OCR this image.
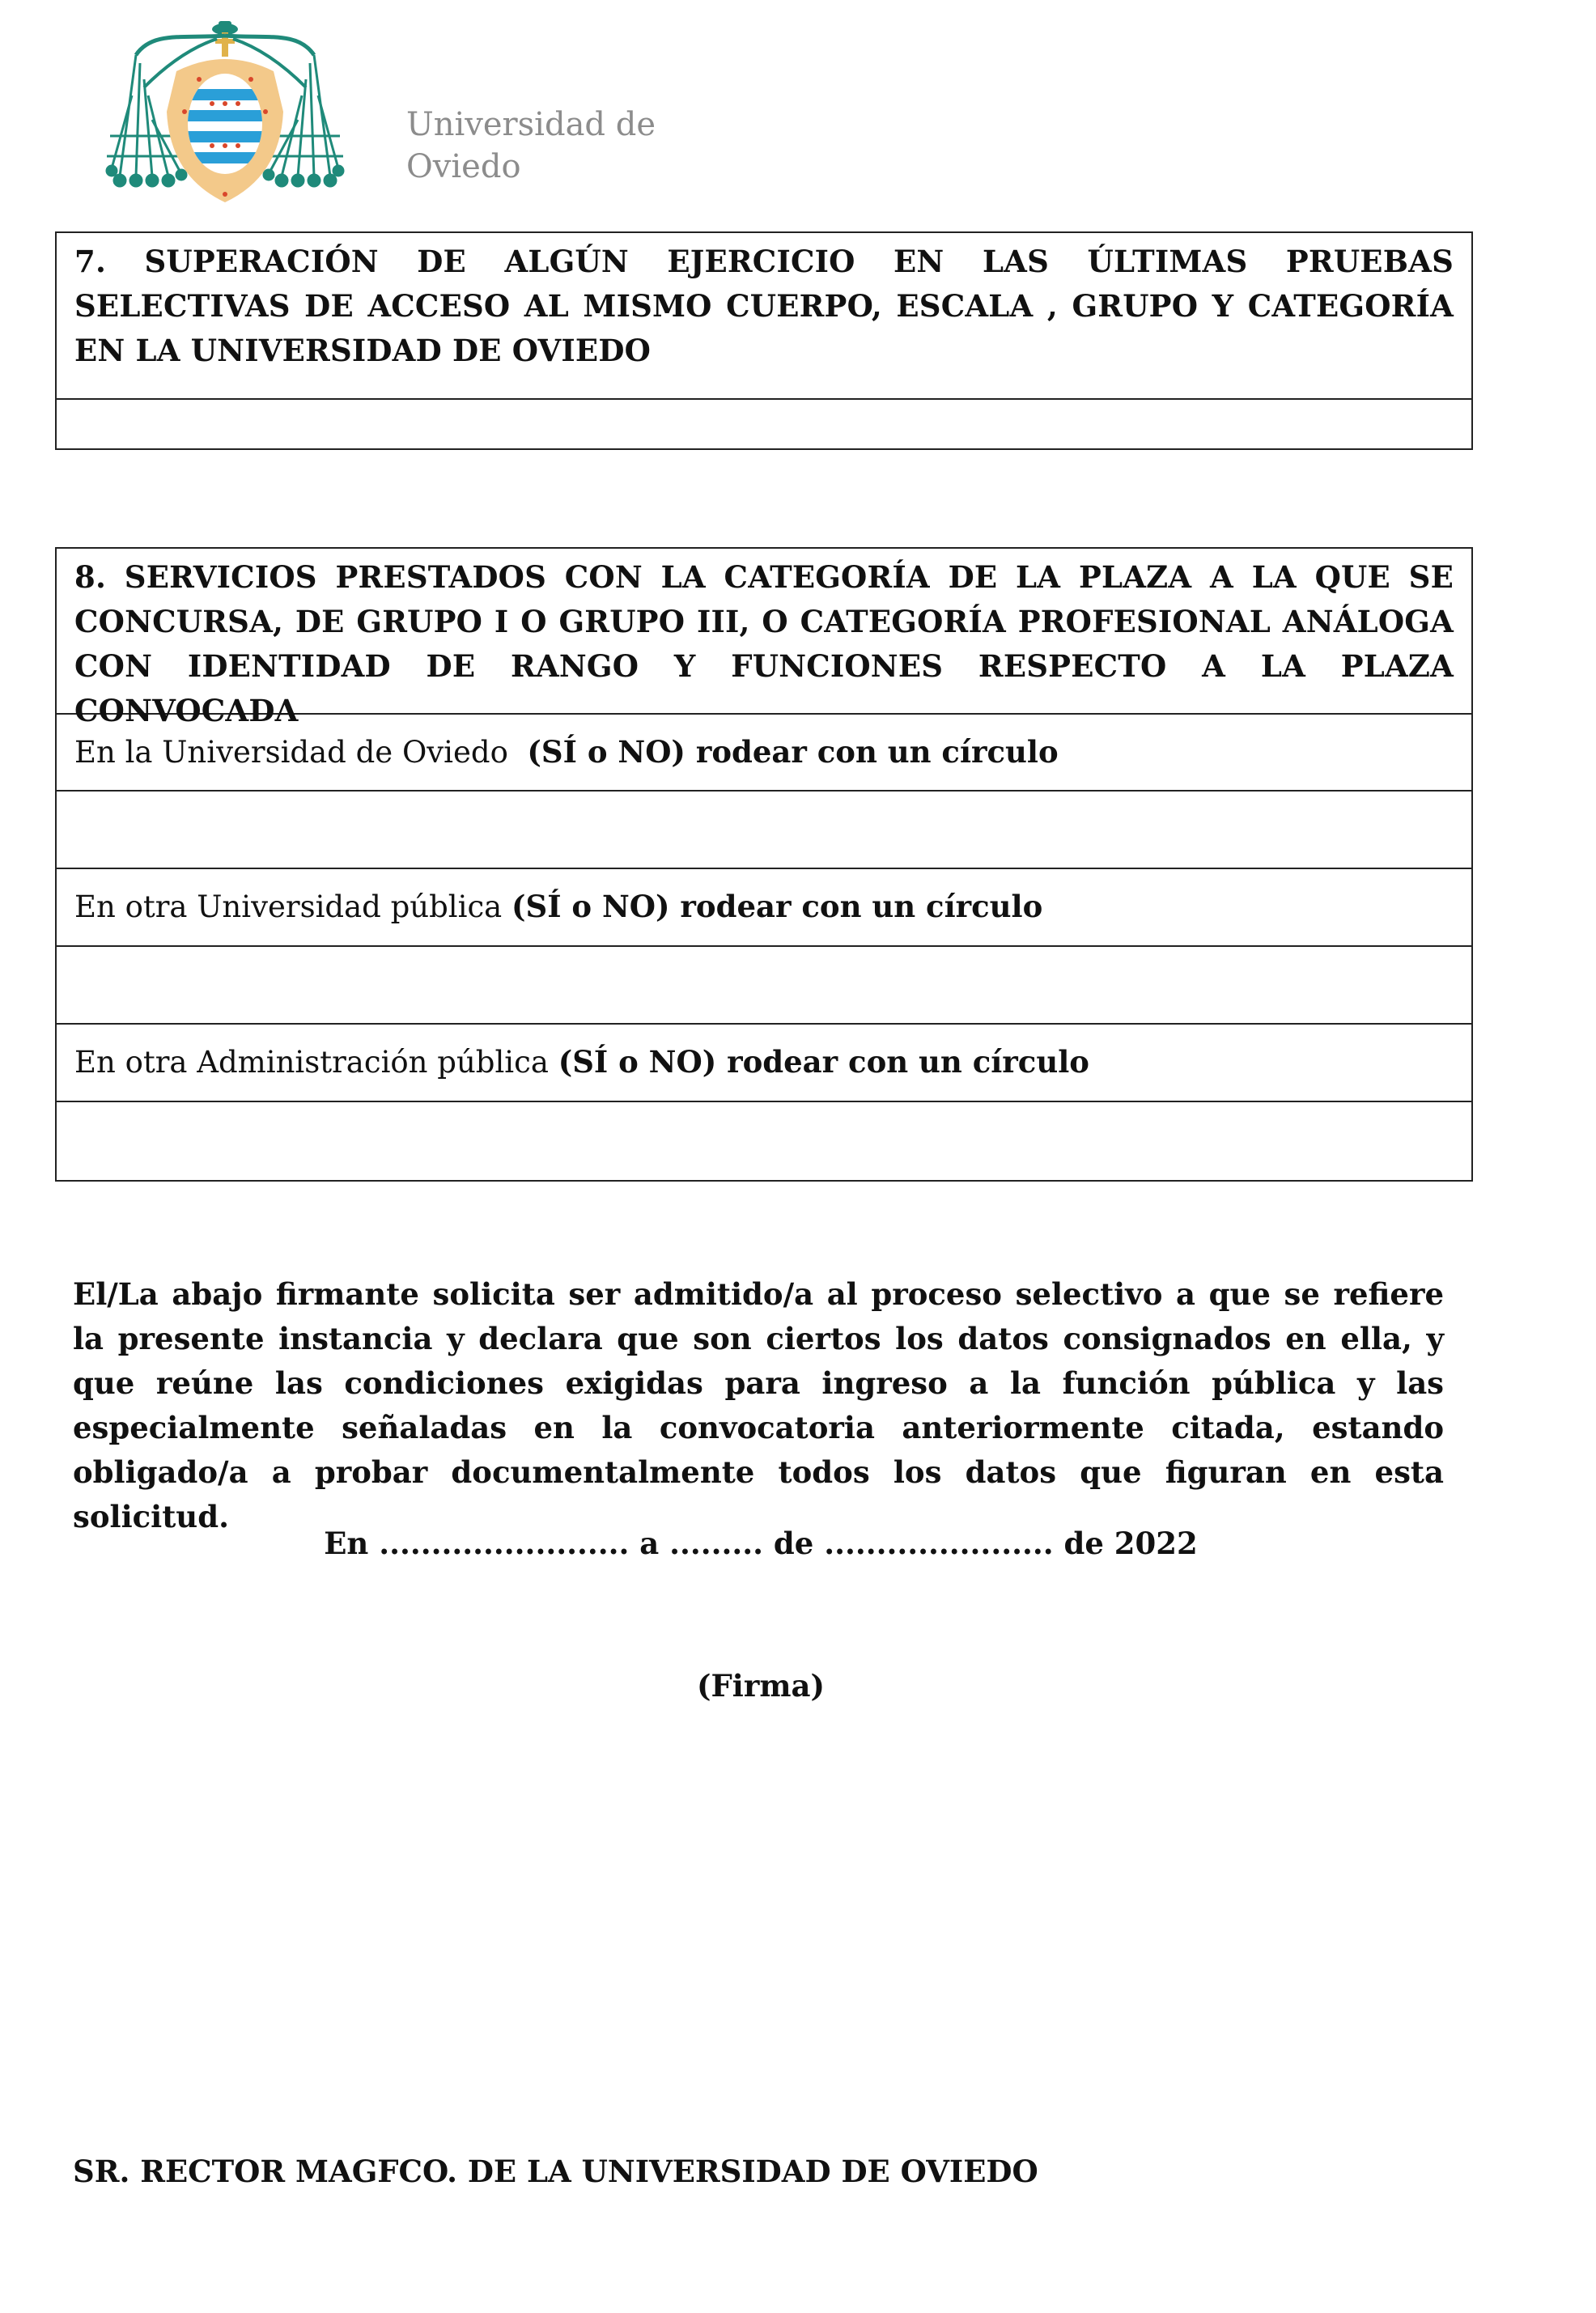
Universidad de
Oviedo
7. SUPERACIÓN DE ALGÚN EJERCICIO EN LAS ÚLTIMAS PRUEBAS SELECTIVAS DE ACCESO AL MISMO CUERPO, ESCALA , GRUPO Y CATEGORÍA EN LA UNIVERSIDAD DE OVIEDO
8. SERVICIOS PRESTADOS CON LA CATEGORÍA DE LA PLAZA A LA QUE SE CONCURSA, DE GRUPO I O GRUPO III, O CATEGORÍA PROFESIONAL ANÁLOGA CON IDENTIDAD DE RANGO Y FUNCIONES RESPECTO A LA PLAZA CONVOCADA
En la Universidad de Oviedo (SÍ o NO) rodear con un círculo
En otra Universidad pública (SÍ o NO) rodear con un círculo
En otra Administración pública (SÍ o NO) rodear con un círculo
El/La abajo firmante solicita ser admitido/a al proceso selectivo a que se refiere la presente instancia y declara que son ciertos los datos consignados en ella, y que reúne las condiciones exigidas para ingreso a la función pública y las especialmente señaladas en la convocatoria anteriormente citada, estando obligado/a a probar documentalmente todos los datos que figuran en esta solicitud.
En ........................ a ......... de ...................... de 2022
(Firma)
SR. RECTOR MAGFCO. DE LA UNIVERSIDAD DE OVIEDO
